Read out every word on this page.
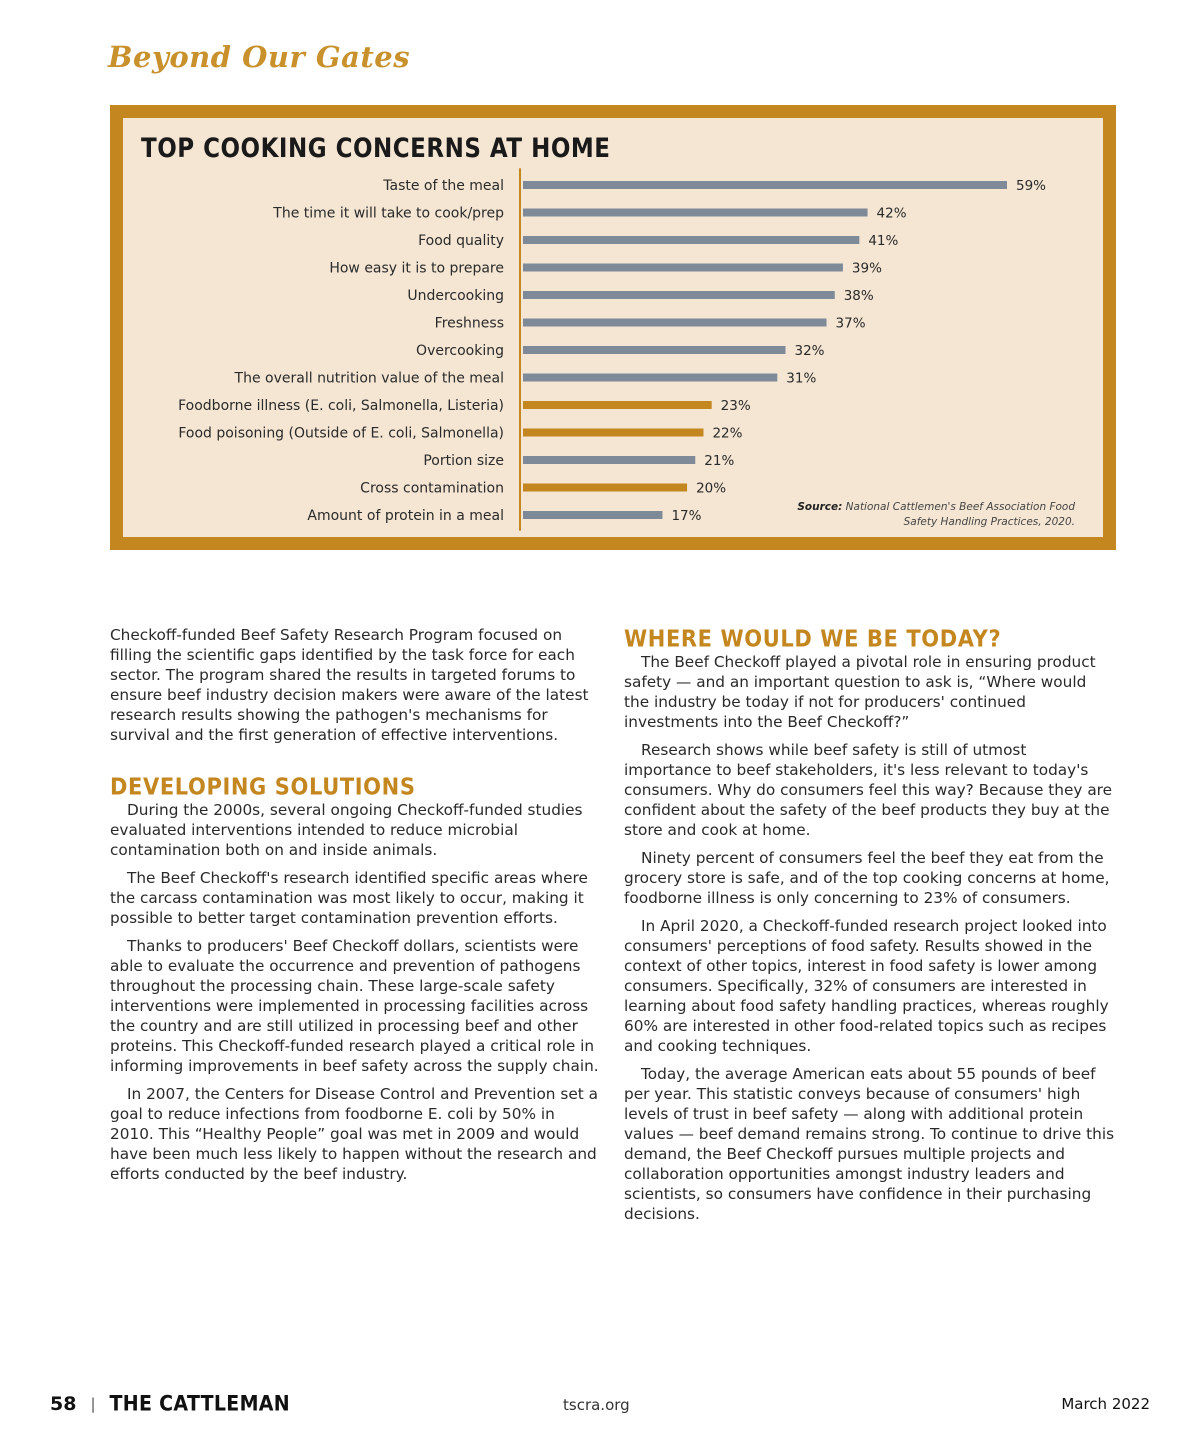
Beyond Our Gates
TOP COOKING CONCERNS AT HOME
Taste of the meal	59%
The time it will take to cook/prep	42%
Food quality	41%
How easy it is to prepare	39%
Undercooking	38%
Freshness	37%
Overcooking	32%
The overall nutrition value of the meal	31%
Foodborne illness (E. coli, Salmonella, Listeria)	23%
Food poisoning (Outside of E. coli, Salmonella)	22%
Portion size	21%
Cross contamination	20%
Amount of protein in a meal	17%
Source: National Cattlemen's Beef Association Food Safety Handling Practices, 2020.

Checkoff-funded Beef Safety Research Program focused on filling the scientific gaps identified by the task force for each sector. The program shared the results in targeted forums to ensure beef industry decision makers were aware of the latest research results showing the pathogen's mechanisms for survival and the first generation of effective interventions.

DEVELOPING SOLUTIONS

During the 2000s, several ongoing Checkoff-funded studies evaluated interventions intended to reduce microbial contamination both on and inside animals.

The Beef Checkoff's research identified specific areas where the carcass contamination was most likely to occur, making it possible to better target contamination prevention efforts.

Thanks to producers' Beef Checkoff dollars, scientists were able to evaluate the occurrence and prevention of pathogens throughout the processing chain. These large-scale safety interventions were implemented in processing facilities across the country and are still utilized in processing beef and other proteins. This Checkoff-funded research played a critical role in informing improvements in beef safety across the supply chain.

In 2007, the Centers for Disease Control and Prevention set a goal to reduce infections from foodborne E. coli by 50% in 2010. This “Healthy People” goal was met in 2009 and would have been much less likely to happen without the research and efforts conducted by the beef industry.

WHERE WOULD WE BE TODAY?

The Beef Checkoff played a pivotal role in ensuring product safety — and an important question to ask is, “Where would the industry be today if not for producers' continued investments into the Beef Checkoff?”

Research shows while beef safety is still of utmost importance to beef stakeholders, it's less relevant to today's consumers. Why do consumers feel this way? Because they are confident about the safety of the beef products they buy at the store and cook at home.

Ninety percent of consumers feel the beef they eat from the grocery store is safe, and of the top cooking concerns at home, foodborne illness is only concerning to 23% of consumers.

In April 2020, a Checkoff-funded research project looked into consumers' perceptions of food safety. Results showed in the context of other topics, interest in food safety is lower among consumers. Specifically, 32% of consumers are interested in learning about food safety handling practices, whereas roughly 60% are interested in other food-related topics such as recipes and cooking techniques.

Today, the average American eats about 55 pounds of beef per year. This statistic conveys because of consumers' high levels of trust in beef safety — along with additional protein values — beef demand remains strong. To continue to drive this demand, the Beef Checkoff pursues multiple projects and collaboration opportunities amongst industry leaders and scientists, so consumers have confidence in their purchasing decisions.

58 | THE CATTLEMAN	tscra.org	March 2022
